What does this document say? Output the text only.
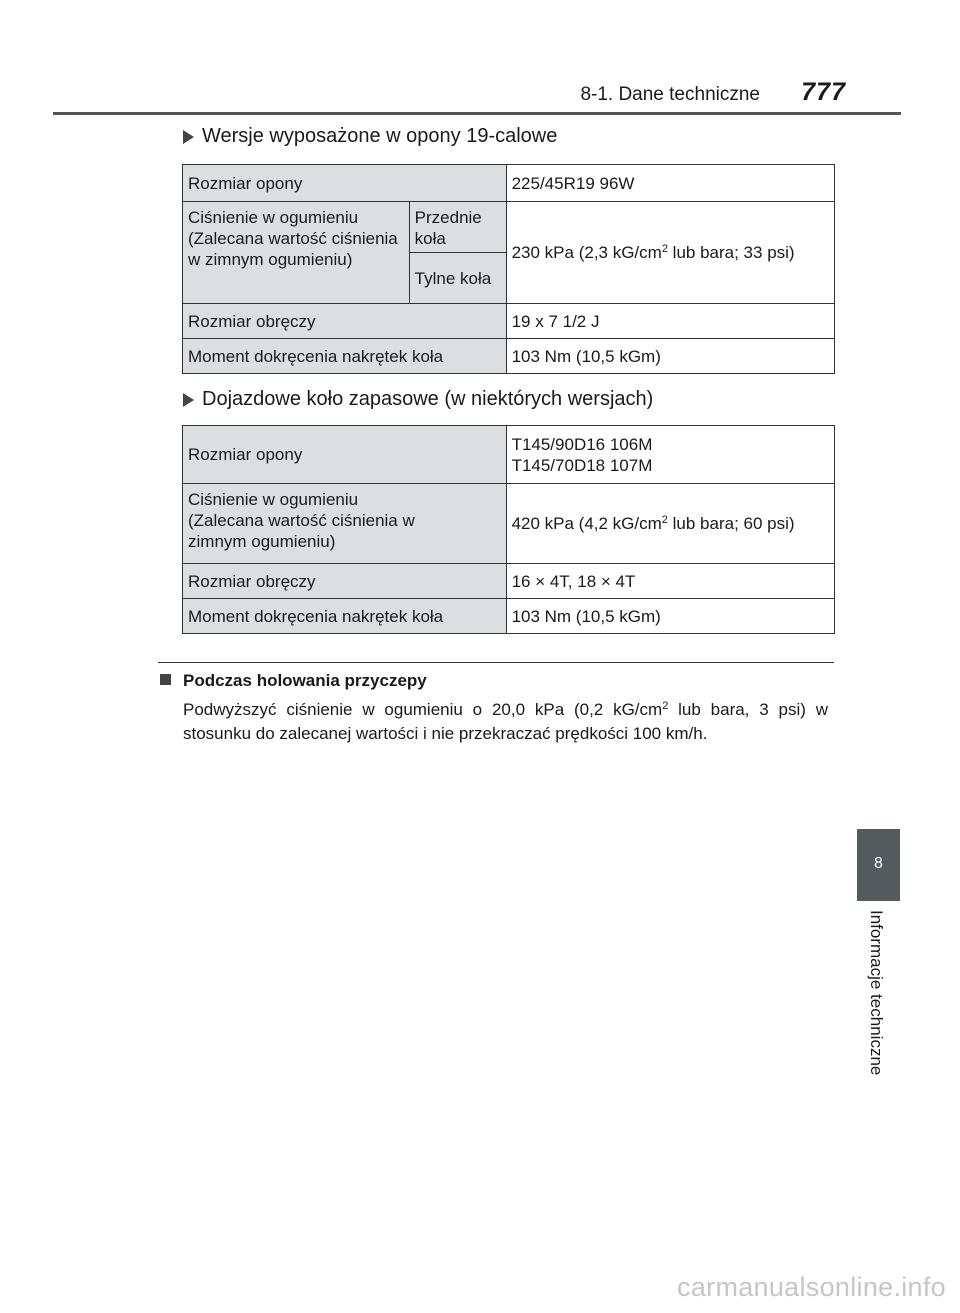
8-1. Dane techniczne 777
Wersje wyposażone w opony 19-calowe
Rozmiar opony		225/45R19 96W
Ciśnienie w ogumieniu (Zalecana wartość ciśnienia w zimnym ogumieniu)	Przednie koła	230 kPa (2,3 $kG/cm^2$ lub bara; 33 psi)
	Tylne koła	
Rozmiar obręczy		19 x 7 1/2 J
Moment dokręcenia nakrętek koła		103 Nm (10,5 kGm)
Dojazdowe koło zapasowe (w niektórych wersjach)
Rozmiar opony	T145/90D16 106M
T145/70D18 107M

Ciśnienie w ogumieniu (Zalecana wartość ciśnienia w zimnym ogumieniu)	420 kPa (4,2 $kG/cm^2$ lub bara; 60 psi)
Rozmiar obręczy	16 × 4T, 18 × 4T
Moment dokręcenia nakrętek koła	103 Nm (10,5 kGm)
Podczas holowania przyczepy
Podwyższyć ciśnienie w ogumieniu o 20,0 kPa (0,2 $kG/cm^2$ lub bara, 3 psi) w stosunku do zalecanej wartości i nie przekraczać prędkości 100 km/h.
8
Informacje techniczne
carmanualsonline.info
